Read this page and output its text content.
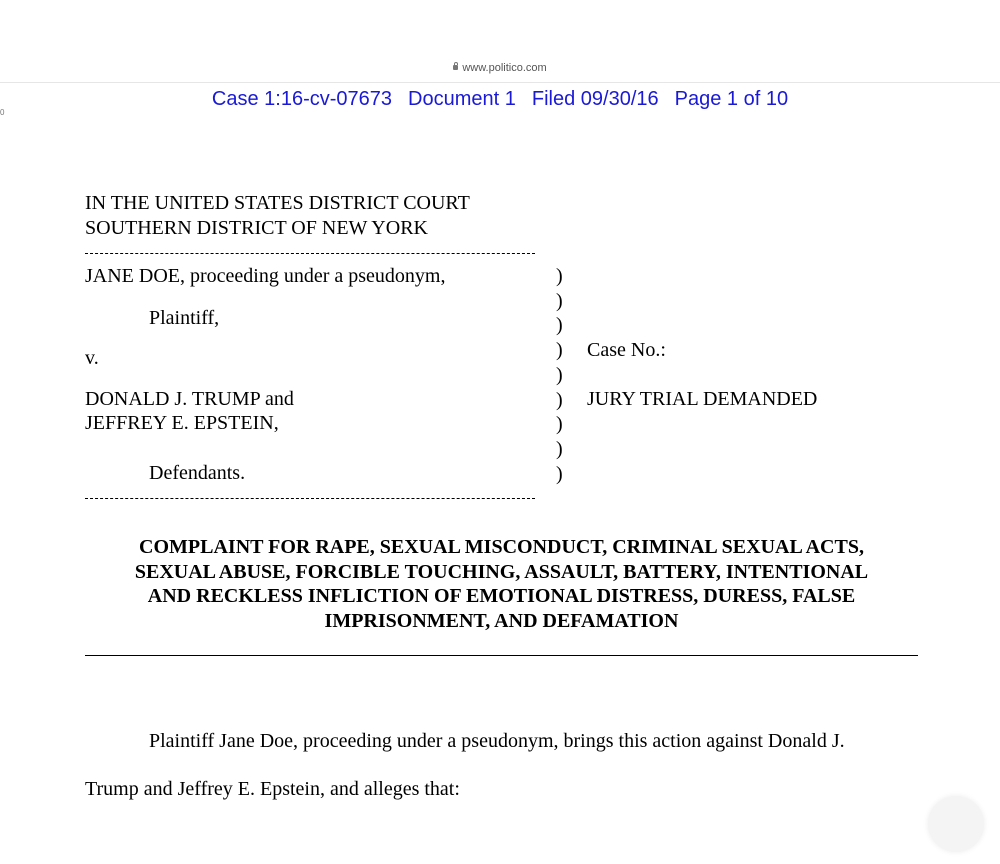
www.politico.com
0
Case 1:16-cv-07673 Document 1 Filed 09/30/16 Page 1 of 10
IN THE UNITED STATES DISTRICT COURT
SOUTHERN DISTRICT OF NEW YORK
JANE DOE, proceeding under a pseudonym,
Plaintiff,
v.
DONALD J. TRUMP and
JEFFREY E. EPSTEIN,
Defendants.
)
)
)
)
)
)
)
)
)
Case No.:
JURY TRIAL DEMANDED
COMPLAINT FOR RAPE, SEXUAL MISCONDUCT, CRIMINAL SEXUAL ACTS,
SEXUAL ABUSE, FORCIBLE TOUCHING, ASSAULT, BATTERY, INTENTIONAL
AND RECKLESS INFLICTION OF EMOTIONAL DISTRESS, DURESS, FALSE
IMPRISONMENT, AND DEFAMATION
Plaintiff Jane Doe, proceeding under a pseudonym, brings this action against Donald J.
Trump and Jeffrey E. Epstein, and alleges that:
